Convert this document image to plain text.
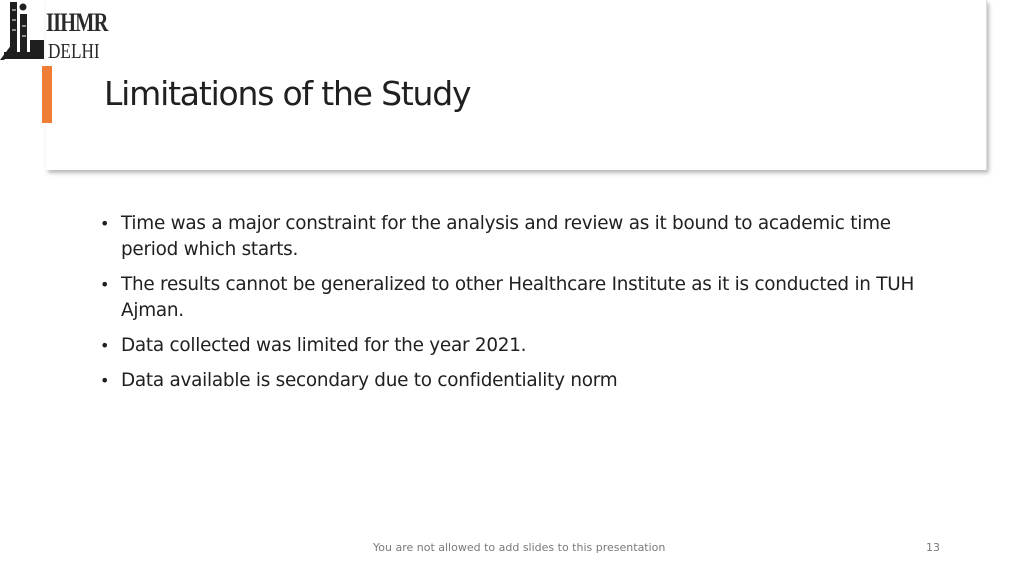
IIHMR
DELHI
Limitations of the Study
• Time was a major constraint for the analysis and review as it bound to academic time period which starts.
• The results cannot be generalized to other Healthcare Institute as it is conducted in TUH Ajman.
• Data collected was limited for the year 2021.
• Data available is secondary due to confidentiality norm
You are not allowed to add slides to this presentation	13
